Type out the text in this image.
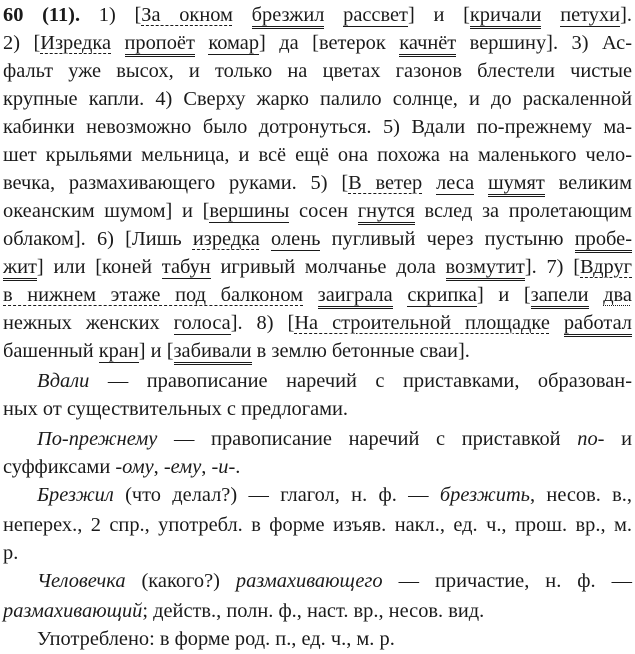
60 (11). 1) [За окном брезжил рассвет] и [кричали петухи].
2) [Изредка пропоёт комар] да [ветерок качнёт вершину]. 3) Ас-
фальт уже высох, и только на цветах газонов блестели чистые
крупные капли. 4) Сверху жарко палило солнце, и до раскаленной
кабинки невозможно было дотронуться. 5) Вдали по-прежнему ма-
шет крыльями мельница, и всё ещё она похожа на маленького чело-
вечка, размахивающего руками. 5) [В ветер леса шумят великим
океанским шумом] и [вершины сосен гнутся вслед за пролетающим
облаком]. 6) [Лишь изредка олень пугливый через пустыню пробе-
жит] или [коней табун игривый молчанье дола возмутит]. 7) [Вдруг
в нижнем этаже под балконом заиграла скрипка] и [запели два
нежных женских голоса]. 8) [На строительной площадке работал
башенный кран] и [забивали в землю бетонные сваи].
Вдали — правописание наречий с приставками, образован-
ных от существительных с предлогами.
По-прежнему — правописание наречий с приставкой по- и
суффиксами -ому, -ему, -и-.
Брезжил (что делал?) — глагол, н. ф. — брезжить, несов. в.,
неперех., 2 спр., употребл. в форме изъяв. накл., ед. ч., прош. вр., м.
р.
Человечка (какого?) размахивающего — причастие, н. ф. —
размахивающий; действ., полн. ф., наст. вр., несов. вид.
Употреблено: в форме род. п., ед. ч., м. р.
